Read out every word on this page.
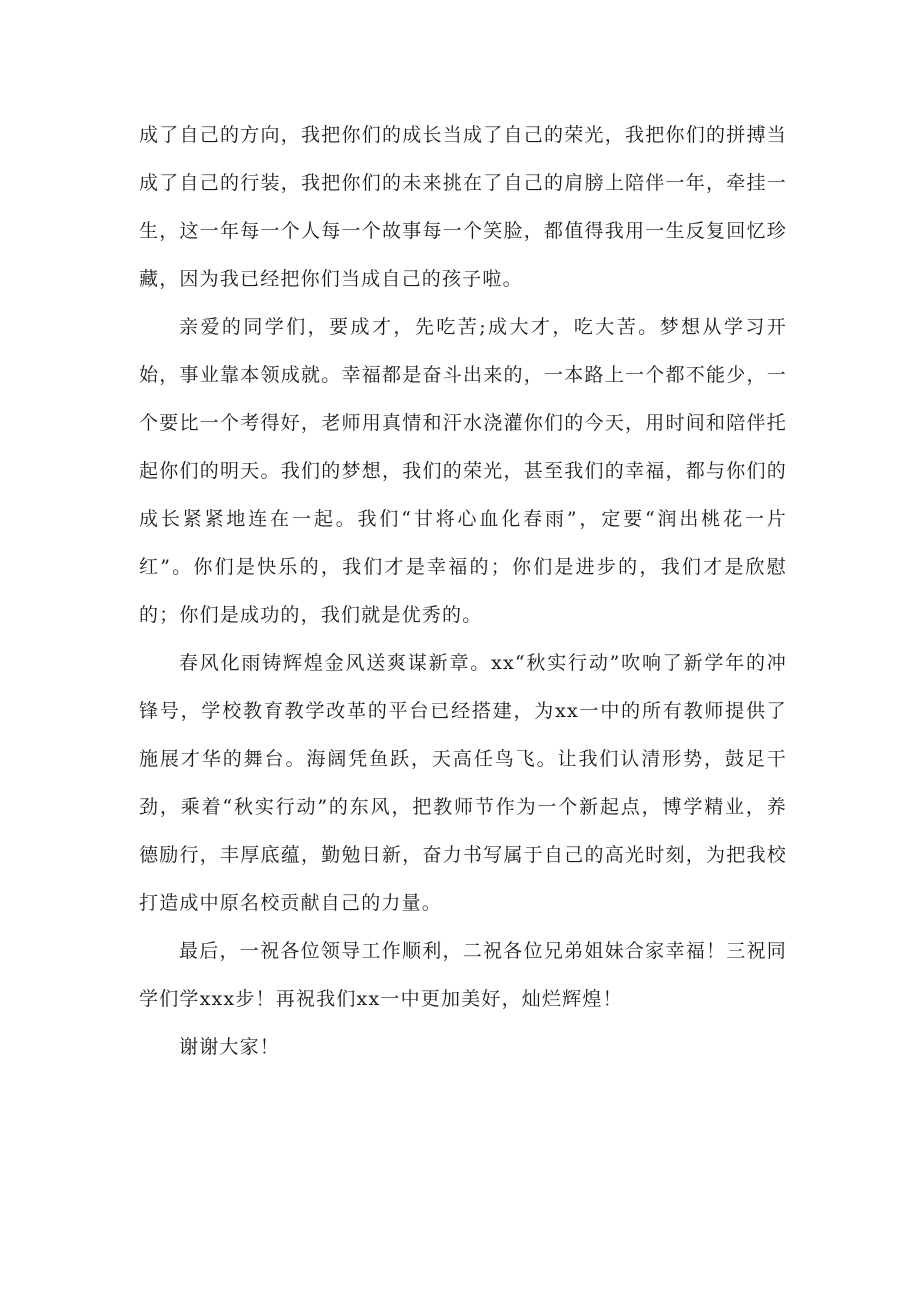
成了自己的方向，我把你们的成长当成了自己的荣光，我把你们的拼搏当成了自己的行装，我把你们的未来挑在了自己的肩膀上陪伴一年，牵挂一生，这一年每一个人每一个故事每一个笑脸，都值得我用一生反复回忆珍藏，因为我已经把你们当成自己的孩子啦。

亲爱的同学们，要成才，先吃苦;成大才，吃大苦。梦想从学习开始，事业靠本领成就。幸福都是奋斗出来的，一本路上一个都不能少，一个要比一个考得好，老师用真情和汗水浇灌你们的今天，用时间和陪伴托起你们的明天。我们的梦想，我们的荣光，甚至我们的幸福，都与你们的成长紧紧地连在一起。我们“甘将心血化春雨”，定要“润出桃花一片红”。你们是快乐的，我们才是幸福的；你们是进步的，我们才是欣慰的；你们是成功的，我们就是优秀的。

春风化雨铸辉煌金风送爽谋新章。xx“秋实行动”吹响了新学年的冲锋号，学校教育教学改革的平台已经搭建，为xx一中的所有教师提供了施展才华的舞台。海阔凭鱼跃，天高任鸟飞。让我们认清形势，鼓足干劲，乘着“秋实行动”的东风，把教师节作为一个新起点，博学精业，养德励行，丰厚底蕴，勤勉日新，奋力书写属于自己的高光时刻，为把我校打造成中原名校贡献自己的力量。

最后，一祝各位领导工作顺利，二祝各位兄弟姐妹合家幸福！三祝同学们学xxx步！再祝我们xx一中更加美好，灿烂辉煌！

谢谢大家！
